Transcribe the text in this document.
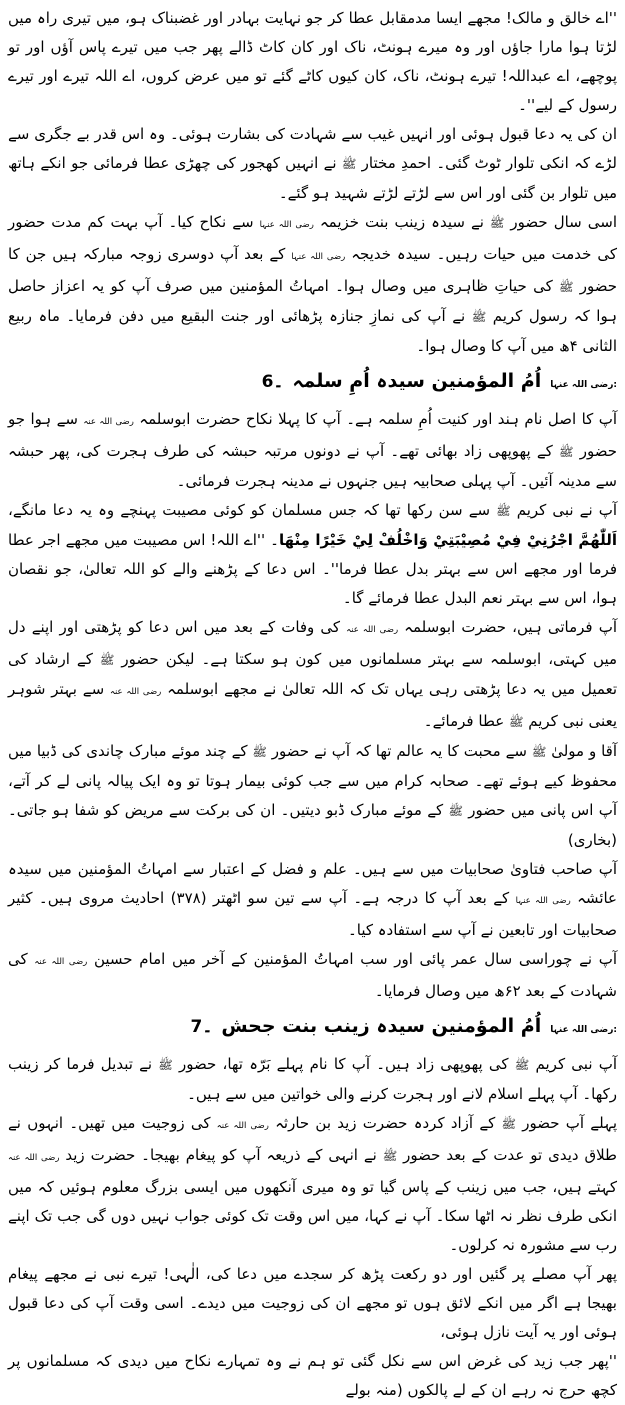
''اے خالق و مالک! مجھے ایسا مدمقابل عطا کر جو نہایت بہادر اور غضبناک ہو، میں تیری راہ میں لڑتا ہوا مارا جاؤں اور وہ میرے ہونٹ، ناک اور کان کاٹ ڈالے پھر جب میں تیرے پاس آؤں اور تو پوچھے، اے عبداللہ! تیرے ہونٹ، ناک، کان کیوں کاٹے گئے تو میں عرض کروں، اے اللہ تیرے اور تیرے رسول کے لیے''۔

ان کی یہ دعا قبول ہوئی اور انہیں غیب سے شہادت کی بشارت ہوئی۔ وہ اس قدر بے جگری سے لڑے کہ انکی تلوار ٹوٹ گئی۔ احمدِ مختار ﷺ نے انہیں کھجور کی چھڑی عطا فرمائی جو انکے ہاتھ میں تلوار بن گئی اور اس سے لڑتے لڑتے شہید ہو گئے۔

اسی سال حضور ﷺ نے سیدہ زینب بنت خزیمہ رضی اللہ عنہا سے نکاح کیا۔ آپ بہت کم مدت حضور کی خدمت میں حیات رہیں۔ سیدہ خدیجہ رضی اللہ عنہا کے بعد آپ دوسری زوجہ مبارکہ ہیں جن کا حضور ﷺ کی حیاتِ ظاہری میں وصال ہوا۔ امہاتُ المؤمنین میں صرف آپ کو یہ اعزاز حاصل ہوا کہ رسول کریم ﷺ نے آپ کی نمازِ جنازہ پڑھائی اور جنت البقیع میں دفن فرمایا۔ ماہ ربیع الثانی ۴ھ میں آپ کا وصال ہوا۔

6۔ اُمُ المؤمنین سیدہ اُمِ سلمہ رضی اللہ عنہا:

آپ کا اصل نام ہند اور کنیت اُمِ سلمہ ہے۔ آپ کا پہلا نکاح حضرت ابوسلمہ رضی اللہ عنہ سے ہوا جو حضور ﷺ کے پھوپھی زاد بھائی تھے۔ آپ نے دونوں مرتبہ حبشہ کی طرف ہجرت کی، پھر حبشہ سے مدینہ آئیں۔ آپ پہلی صحابیہ ہیں جنہوں نے مدینہ ہجرت فرمائی۔

آپ نے نبی کریم ﷺ سے سن رکھا تھا کہ جس مسلمان کو کوئی مصیبت پہنچے وہ یہ دعا مانگے، اَللّٰهُمَّ اجْرُنِيْ فِيْ مُصِيْبَتِيْ وَاخْلُفْ لِيْ خَيْرًا مِنْهَا۔ ''اے اللہ! اس مصیبت میں مجھے اجر عطا فرما اور مجھے اس سے بہتر بدل عطا فرما''۔ اس دعا کے پڑھنے والے کو اللہ تعالیٰ، جو نقصان ہوا، اس سے بہتر نعم البدل عطا فرمائے گا۔

آپ فرماتی ہیں، حضرت ابوسلمہ رضی اللہ عنہ کی وفات کے بعد میں اس دعا کو پڑھتی اور اپنے دل میں کہتی، ابوسلمہ سے بہتر مسلمانوں میں کون ہو سکتا ہے۔ لیکن حضور ﷺ کے ارشاد کی تعمیل میں یہ دعا پڑھتی رہی یہاں تک کہ اللہ تعالیٰ نے مجھے ابوسلمہ رضی اللہ عنہ سے بہتر شوہر یعنی نبی کریم ﷺ عطا فرمائے۔

آقا و مولیٰ ﷺ سے محبت کا یہ عالم تھا کہ آپ نے حضور ﷺ کے چند موئے مبارک چاندی کی ڈبیا میں محفوظ کیے ہوئے تھے۔ صحابہ کرام میں سے جب کوئی بیمار ہوتا تو وہ ایک پیالہ پانی لے کر آتے، آپ اس پانی میں حضور ﷺ کے موئے مبارک ڈبو دیتیں۔ ان کی برکت سے مریض کو شفا ہو جاتی۔ (بخاری)

آپ صاحب فتاویٰ صحابیات میں سے ہیں۔ علم و فضل کے اعتبار سے امہاتُ المؤمنین میں سیدہ عائشہ رضی اللہ عنہا کے بعد آپ کا درجہ ہے۔ آپ سے تین سو اٹھتر (۳۷۸) احادیث مروی ہیں۔ کثیر صحابیات اور تابعین نے آپ سے استفادہ کیا۔

آپ نے چوراسی سال عمر پائی اور سب امہاتُ المؤمنین کے آخر میں امام حسین رضی اللہ عنہ کی شہادت کے بعد ۶۲ھ میں وصال فرمایا۔

7۔ اُمُ المؤمنین سیدہ زینب بنت جحش رضی اللہ عنہا:

آپ نبی کریم ﷺ کی پھوپھی زاد ہیں۔ آپ کا نام پہلے بَرّہ تھا، حضور ﷺ نے تبدیل فرما کر زینب رکھا۔ آپ پہلے اسلام لانے اور ہجرت کرنے والی خواتین میں سے ہیں۔

پہلے آپ حضور ﷺ کے آزاد کردہ حضرت زید بن حارثہ رضی اللہ عنہ کی زوجیت میں تھیں۔ انہوں نے طلاق دیدی تو عدت کے بعد حضور ﷺ نے انہی کے ذریعہ آپ کو پیغام بھیجا۔ حضرت زید رضی اللہ عنہ کہتے ہیں، جب میں زینب کے پاس گیا تو وہ میری آنکھوں میں ایسی بزرگ معلوم ہوئیں کہ میں انکی طرف نظر نہ اٹھا سکا۔ آپ نے کہا، میں اس وقت تک کوئی جواب نہیں دوں گی جب تک اپنے رب سے مشورہ نہ کرلوں۔

پھر آپ مصلے پر گئیں اور دو رکعت پڑھ کر سجدے میں دعا کی، الٰہی! تیرے نبی نے مجھے پیغام بھیجا ہے اگر میں انکے لائق ہوں تو مجھے ان کی زوجیت میں دیدے۔ اسی وقت آپ کی دعا قبول ہوئی اور یہ آیت نازل ہوئی،

''پھر جب زید کی غرض اس سے نکل گئی تو ہم نے وہ تمہارے نکاح میں دیدی کہ مسلمانوں پر کچھ حرج نہ رہے ان کے لے پالکوں (منہ بولے
